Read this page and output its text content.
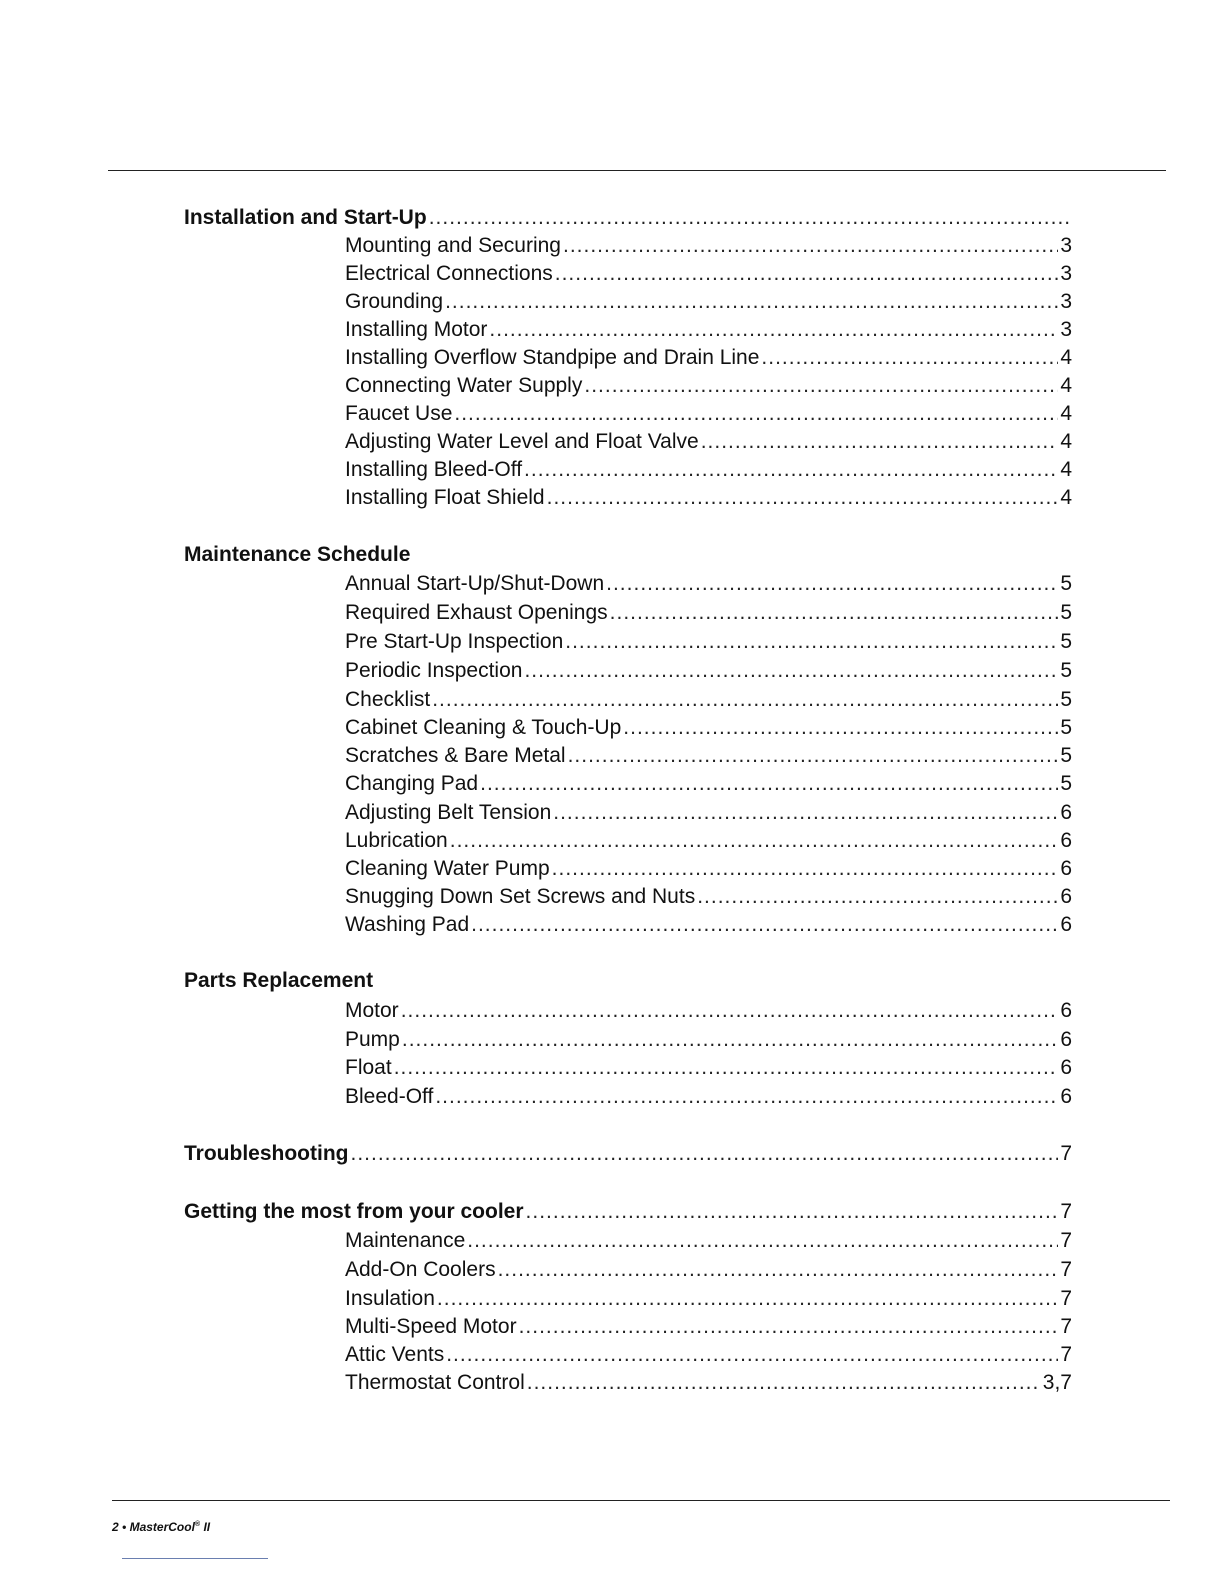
Installation and Start-Up
.....
Mounting and Securing .....	3
Electrical Connections .....	3
Grounding .....	3
Installing Motor .....	3
Installing Overflow Standpipe and Drain Line .....	4
Connecting Water Supply .....	4
Faucet Use .....	4
Adjusting Water Level and Float Valve .....	4
Installing Bleed-Off .....	4
Installing Float Shield .....	4
Maintenance Schedule
Annual Start-Up/Shut-Down .....	5
Required Exhaust Openings .....	5
Pre Start-Up Inspection .....	5
Periodic Inspection .....	5
Checklist .....	5
Cabinet Cleaning & Touch-Up .....	5
Scratches & Bare Metal .....	5
Changing Pad .....	5
Adjusting Belt Tension .....	6
Lubrication .....	6
Cleaning Water Pump .....	6
Snugging Down Set Screws and Nuts .....	6
Washing Pad .....	6
Parts Replacement
Motor .....	6
Pump .....	6
Float .....	6
Bleed-Off .....	6
Troubleshooting .....	7
Getting the most from your cooler .....	7
Maintenance .....	7
Add-On Coolers .....	7
Insulation .....	7
Multi-Speed Motor .....	7
Attic Vents .....	7
Thermostat Control .....	3,7
2 • MasterCool® II
